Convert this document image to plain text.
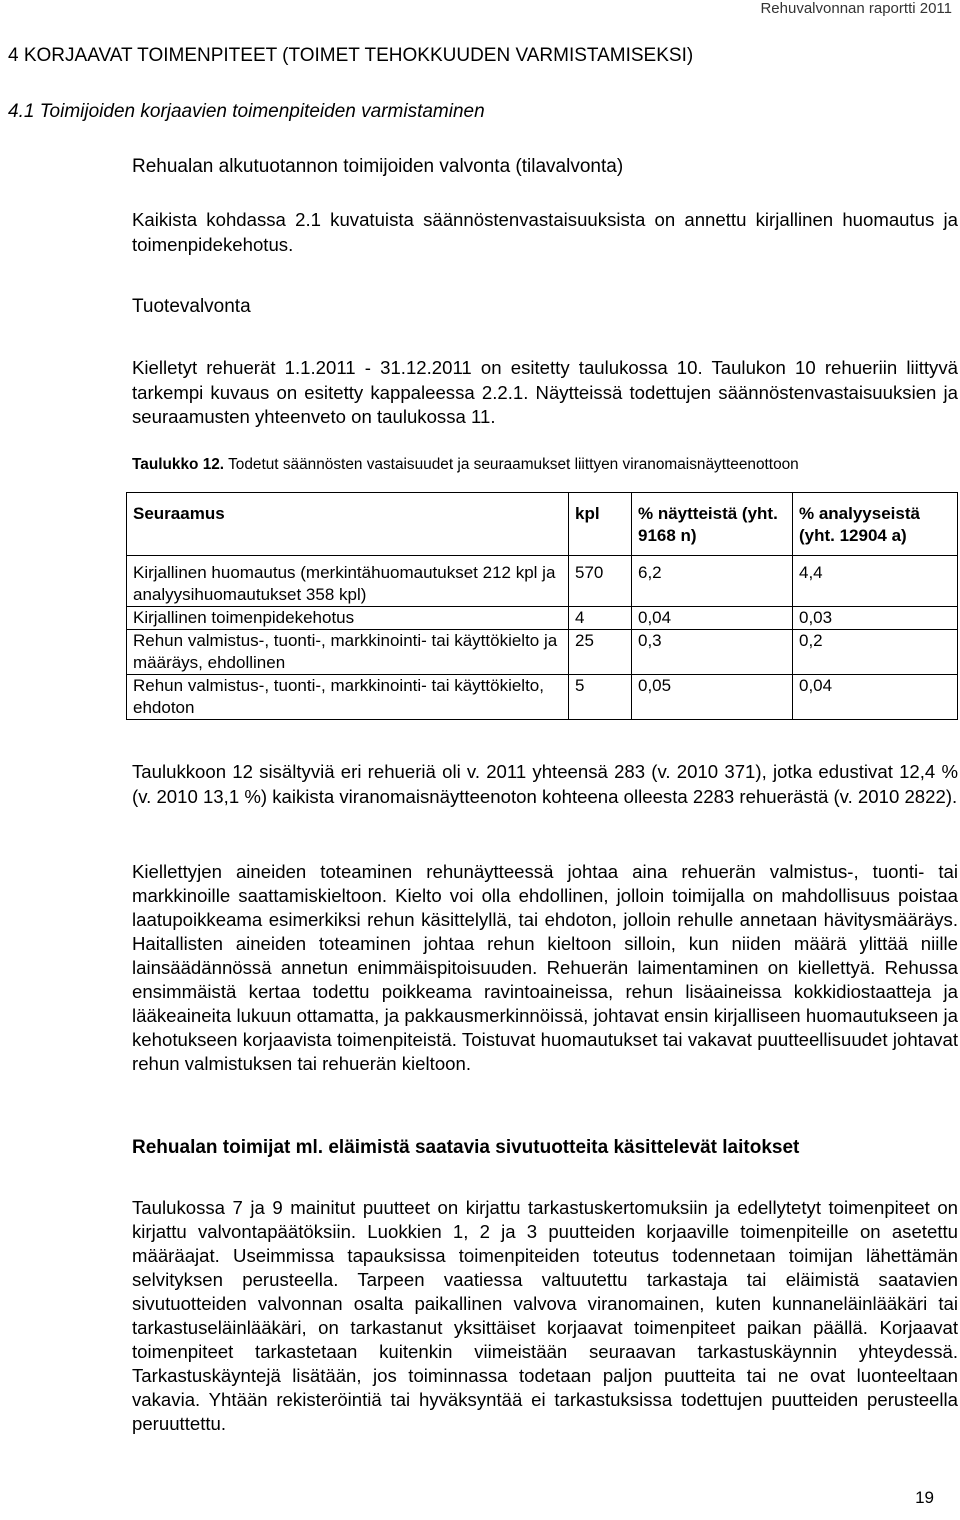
Rehuvalvonnan raportti 2011
4 KORJAAVAT TOIMENPITEET (TOIMET TEHOKKUUDEN VARMISTAMISEKSI)
4.1 Toimijoiden korjaavien toimenpiteiden varmistaminen
Rehualan alkutuotannon toimijoiden valvonta (tilavalvonta)
Kaikista kohdassa 2.1 kuvatuista säännöstenvastaisuuksista on annettu kirjallinen huomautus ja toimenpidekehotus.
Tuotevalvonta
Kielletyt rehuerät 1.1.2011 - 31.12.2011 on esitetty taulukossa 10. Taulukon 10 rehueriin liittyvä tarkempi kuvaus on esitetty kappaleessa 2.2.1. Näytteissä todettujen säännöstenvastaisuuksien ja seuraamusten yhteenveto on taulukossa 11.
Taulukko 12. Todetut säännösten vastaisuudet ja seuraamukset liittyen viranomaisnäytteenottoon
Seuraamus	kpl	% näytteistä (yht. 9168 n)	% analyyseistä (yht. 12904 a)
Kirjallinen huomautus (merkintähuomautukset 212 kpl ja analyysihuomautukset 358 kpl)	570	6,2	4,4
Kirjallinen toimenpidekehotus	4	0,04	0,03
Rehun valmistus-, tuonti-, markkinointi- tai käyttökielto ja määräys, ehdollinen	25	0,3	0,2
Rehun valmistus-, tuonti-, markkinointi- tai käyttökielto, ehdoton	5	0,05	0,04
Taulukkoon 12 sisältyviä eri rehueriä oli v. 2011 yhteensä 283 (v. 2010 371), jotka edustivat 12,4 % (v. 2010 13,1 %) kaikista viranomaisnäytteenoton kohteena olleesta 2283 rehuerästä (v. 2010 2822).
Kiellettyjen aineiden toteaminen rehunäytteessä johtaa aina rehuerän valmistus-, tuonti- tai markkinoille saattamiskieltoon. Kielto voi olla ehdollinen, jolloin toimijalla on mahdollisuus poistaa laatupoikkeama esimerkiksi rehun käsittelyllä, tai ehdoton, jolloin rehulle annetaan hävitysmääräys. Haitallisten aineiden toteaminen johtaa rehun kieltoon silloin, kun niiden määrä ylittää niille lainsäädännössä annetun enimmäispitoisuuden. Rehuerän laimentaminen on kiellettyä. Rehussa ensimmäistä kertaa todettu poikkeama ravintoaineissa, rehun lisäaineissa kokkidiostaatteja ja lääkeaineita lukuun ottamatta, ja pakkausmerkinnöissä, johtavat ensin kirjalliseen huomautukseen ja kehotukseen korjaavista toimenpiteistä. Toistuvat huomautukset tai vakavat puutteellisuudet johtavat rehun valmistuksen tai rehuerän kieltoon.
Rehualan toimijat ml. eläimistä saatavia sivutuotteita käsittelevät laitokset
Taulukossa 7 ja 9 mainitut puutteet on kirjattu tarkastuskertomuksiin ja edellytetyt toimenpiteet on kirjattu valvontapäätöksiin. Luokkien 1, 2 ja 3 puutteiden korjaaville toimenpiteille on asetettu määräajat. Useimmissa tapauksissa toimenpiteiden toteutus todennetaan toimijan lähettämän selvityksen perusteella. Tarpeen vaatiessa valtuutettu tarkastaja tai eläimistä saatavien sivutuotteiden valvonnan osalta paikallinen valvova viranomainen, kuten kunnaneläinlääkäri tai tarkastuseläinlääkäri, on tarkastanut yksittäiset korjaavat toimenpiteet paikan päällä. Korjaavat toimenpiteet tarkastetaan kuitenkin viimeistään seuraavan tarkastuskäynnin yhteydessä. Tarkastuskäyntejä lisätään, jos toiminnassa todetaan paljon puutteita tai ne ovat luonteeltaan vakavia. Yhtään rekisteröintiä tai hyväksyntää ei tarkastuksissa todettujen puutteiden perusteella peruuttettu.
19
